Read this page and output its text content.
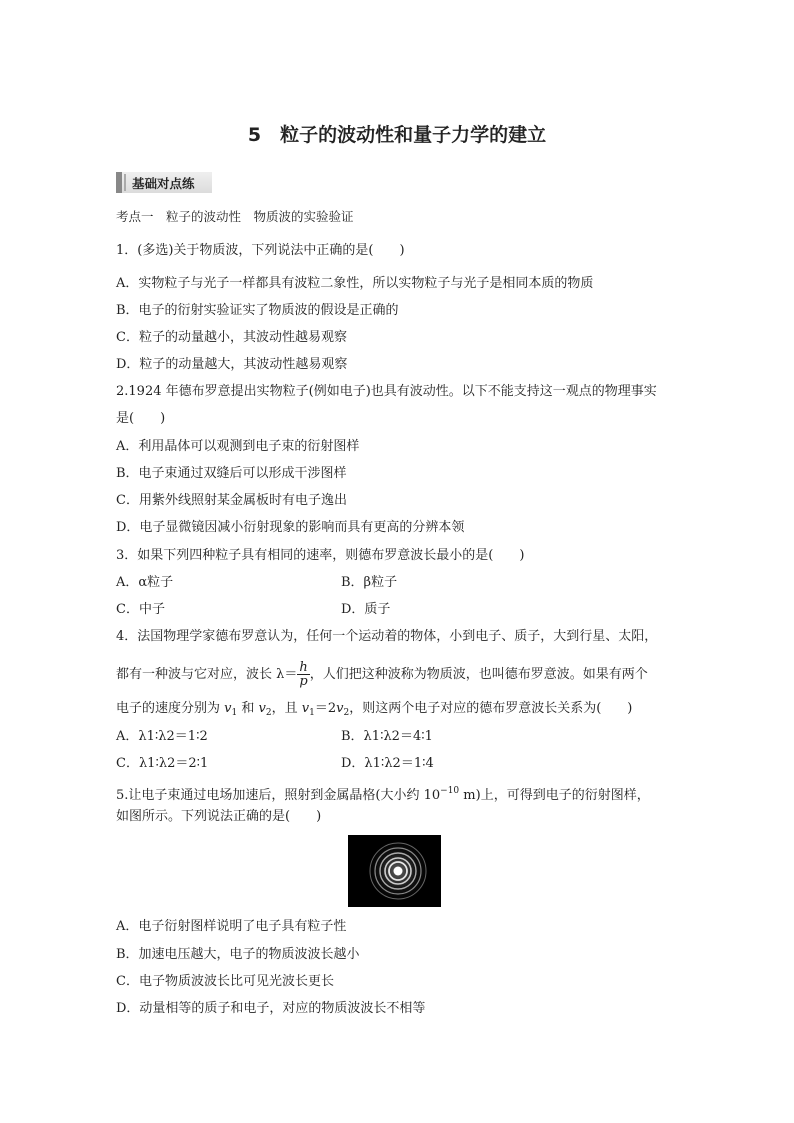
5　粒子的波动性和量子力学的建立
基础对点练
考点一　粒子的波动性　物质波的实验验证
1．(多选)关于物质波，下列说法中正确的是(　　)
A．实物粒子与光子一样都具有波粒二象性，所以实物粒子与光子是相同本质的物质
B．电子的衍射实验证实了物质波的假设是正确的
C．粒子的动量越小，其波动性越易观察
D．粒子的动量越大，其波动性越易观察
2.1924 年德布罗意提出实物粒子(例如电子)也具有波动性。以下不能支持这一观点的物理事实
是(　　)
A．利用晶体可以观测到电子束的衍射图样
B．电子束通过双缝后可以形成干涉图样
C．用紫外线照射某金属板时有电子逸出
D．电子显微镜因减小衍射现象的影响而具有更高的分辨本领
3．如果下列四种粒子具有相同的速率，则德布罗意波长最小的是(　　)
A．α粒子	B．β粒子
C．中子	D．质子
4．法国物理学家德布罗意认为，任何一个运动着的物体，小到电子、质子，大到行星、太阳，
都有一种波与它对应，波长 $\lambda= \frac{h}{p}$ ，人们把这种波称为物质波，也叫德布罗意波。如果有两个
电子的速度分别为 $v_1$ 和 $v_2$，且 $v_1=2v_2$，则这两个电子对应的德布罗意波长关系为(　　)
A．λ1∶λ2＝1∶2	B．λ1∶λ2＝4∶1
C．λ1∶λ2＝2∶1	D．λ1∶λ2＝1∶4
5.让电子束通过电场加速后，照射到金属晶格(大小约 $10^{-10}$ m)上，可得到电子的衍射图样，
如图所示。下列说法正确的是(　　)
A．电子衍射图样说明了电子具有粒子性
B．加速电压越大，电子的物质波波长越小
C．电子物质波波长比可见光波长更长
D．动量相等的质子和电子，对应的物质波波长不相等
